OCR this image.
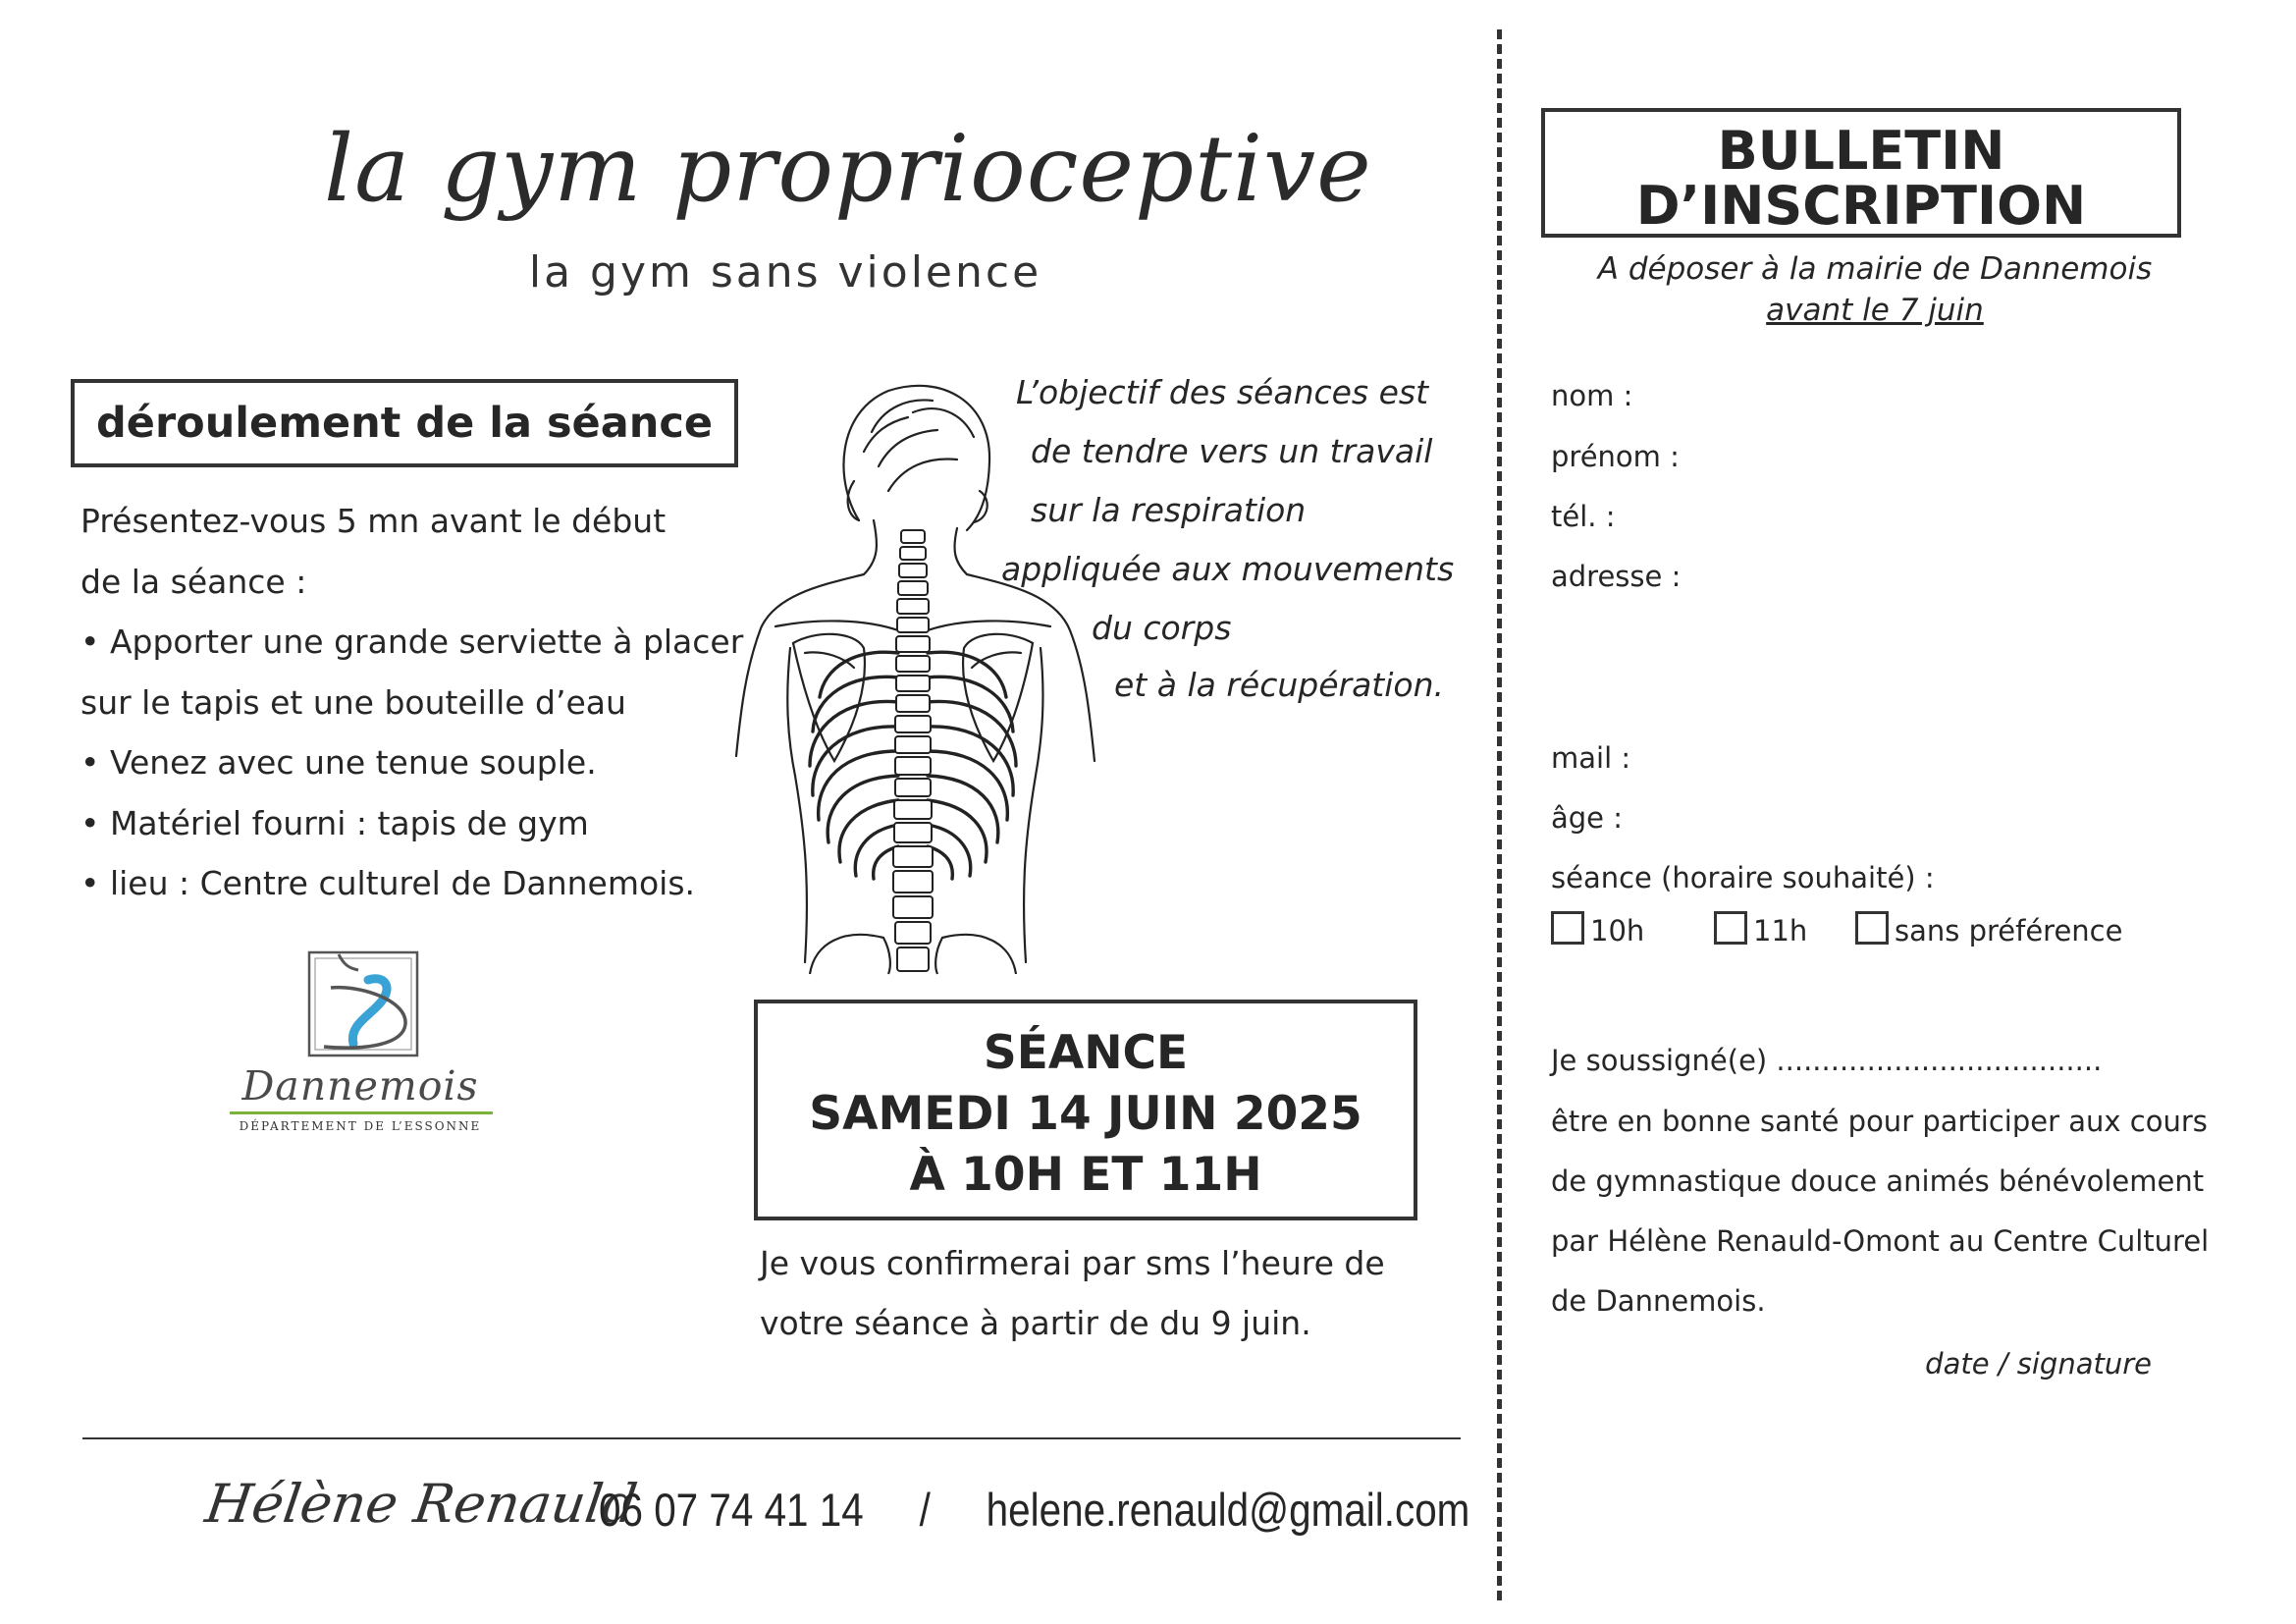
la gym proprioceptive
la gym sans violence
déroulement de la séance
Présentez-vous 5 mn avant le début
de la séance :
• Apporter une grande serviette à placer
sur le tapis et une bouteille d’eau
• Venez avec une tenue souple.
• Matériel fourni : tapis de gym
• lieu : Centre culturel de Dannemois.
L’objectif des séances est
de tendre vers un travail
sur la respiration
appliquée aux mouvements
du corps
et à la récupération.
Dannemois
DÉPARTEMENT DE L’ESSONNE
SÉANCE
SAMEDI 14 JUIN 2025
À 10H ET 11H
Je vous confirmerai par sms l’heure de
votre séance à partir de du 9 juin.
Hélène Renauld
06 07 74 41 14 / helene.renauld@gmail.com
BULLETIN
D’INSCRIPTION
A déposer à la mairie de Dannemois
avant le 7 juin
nom :
prénom :
tél. :
adresse :
mail :
âge :
séance (horaire souhaité) :
10h	11h	sans préférence
Je soussigné(e) ....................................
être en bonne santé pour participer aux cours
de gymnastique douce animés bénévolement
par Hélène Renauld-Omont au Centre Culturel
de Dannemois.
date / signature
